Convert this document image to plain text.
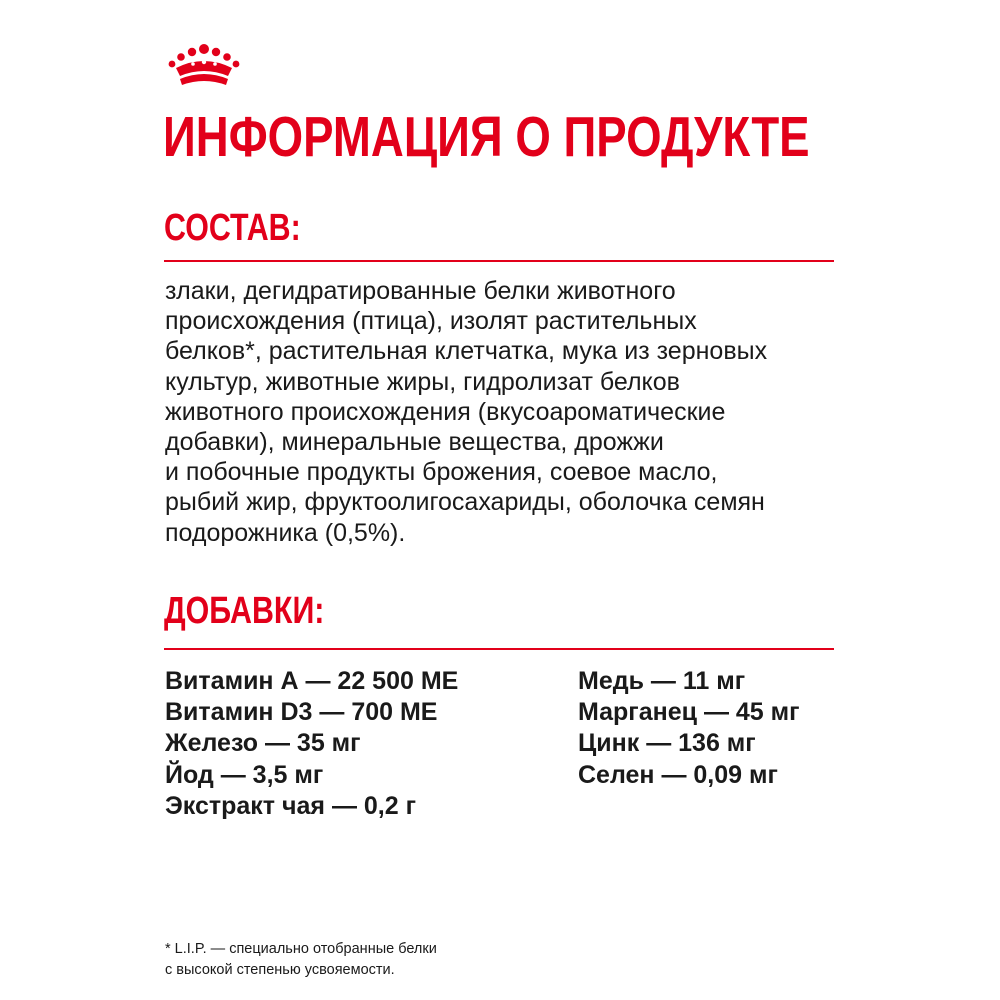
ИНФОРМАЦИЯ О ПРОДУКТЕ
СОСТАВ:
злаки, дегидратированные белки животного
происхождения (птица), изолят растительных
белков*, растительная клетчатка, мука из зерновых
культур, животные жиры, гидролизат белков
животного происхождения (вкусоароматические
добавки), минеральные вещества, дрожжи
и побочные продукты брожения, соевое масло,
рыбий жир, фруктоолигосахариды, оболочка семян
подорожника (0,5%).
ДОБАВКИ:
Витамин А — 22 500 МЕ
Витамин D3 — 700 МЕ
Железо — 35 мг
Йод — 3,5 мг
Экстракт чая — 0,2 г
Медь — 11 мг
Марганец — 45 мг
Цинк — 136 мг
Селен — 0,09 мг
* L.I.P. — специально отобранные белки
с высокой степенью усвояемости.
